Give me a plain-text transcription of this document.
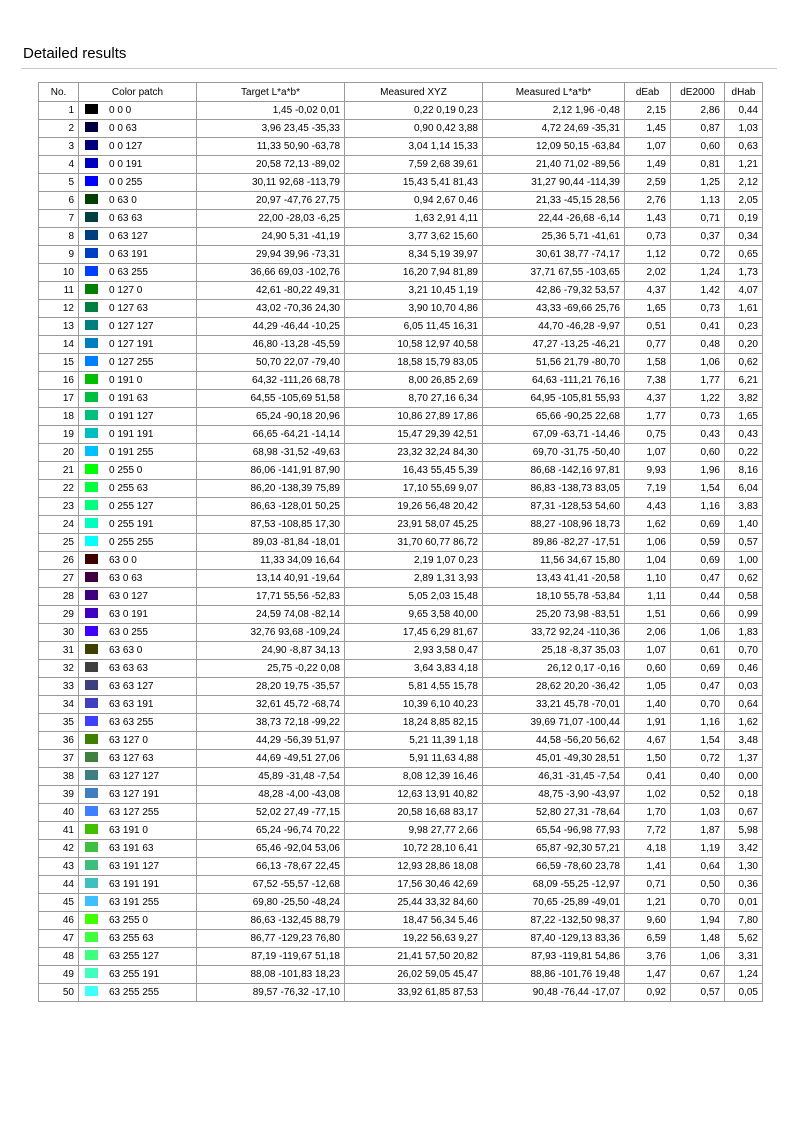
Detailed results
No.	Color patch	Target L*a*b*	Measured XYZ	Measured L*a*b*	dEab	dE2000	dHab
1	0 0 0	1,45 -0,02 0,01	0,22 0,19 0,23	2,12 1,96 -0,48	2,15	2,86	0,44
2	0 0 63	3,96 23,45 -35,33	0,90 0,42 3,88	4,72 24,69 -35,31	1,45	0,87	1,03
3	0 0 127	11,33 50,90 -63,78	3,04 1,14 15,33	12,09 50,15 -63,84	1,07	0,60	0,63
4	0 0 191	20,58 72,13 -89,02	7,59 2,68 39,61	21,40 71,02 -89,56	1,49	0,81	1,21
5	0 0 255	30,11 92,68 -113,79	15,43 5,41 81,43	31,27 90,44 -114,39	2,59	1,25	2,12
6	0 63 0	20,97 -47,76 27,75	0,94 2,67 0,46	21,33 -45,15 28,56	2,76	1,13	2,05
7	0 63 63	22,00 -28,03 -6,25	1,63 2,91 4,11	22,44 -26,68 -6,14	1,43	0,71	0,19
8	0 63 127	24,90 5,31 -41,19	3,77 3,62 15,60	25,36 5,71 -41,61	0,73	0,37	0,34
9	0 63 191	29,94 39,96 -73,31	8,34 5,19 39,97	30,61 38,77 -74,17	1,12	0,72	0,65
10	0 63 255	36,66 69,03 -102,76	16,20 7,94 81,89	37,71 67,55 -103,65	2,02	1,24	1,73
11	0 127 0	42,61 -80,22 49,31	3,21 10,45 1,19	42,86 -79,32 53,57	4,37	1,42	4,07
12	0 127 63	43,02 -70,36 24,30	3,90 10,70 4,86	43,33 -69,66 25,76	1,65	0,73	1,61
13	0 127 127	44,29 -46,44 -10,25	6,05 11,45 16,31	44,70 -46,28 -9,97	0,51	0,41	0,23
14	0 127 191	46,80 -13,28 -45,59	10,58 12,97 40,58	47,27 -13,25 -46,21	0,77	0,48	0,20
15	0 127 255	50,70 22,07 -79,40	18,58 15,79 83,05	51,56 21,79 -80,70	1,58	1,06	0,62
16	0 191 0	64,32 -111,26 68,78	8,00 26,85 2,69	64,63 -111,21 76,16	7,38	1,77	6,21
17	0 191 63	64,55 -105,69 51,58	8,70 27,16 6,34	64,95 -105,81 55,93	4,37	1,22	3,82
18	0 191 127	65,24 -90,18 20,96	10,86 27,89 17,86	65,66 -90,25 22,68	1,77	0,73	1,65
19	0 191 191	66,65 -64,21 -14,14	15,47 29,39 42,51	67,09 -63,71 -14,46	0,75	0,43	0,43
20	0 191 255	68,98 -31,52 -49,63	23,32 32,24 84,30	69,70 -31,75 -50,40	1,07	0,60	0,22
21	0 255 0	86,06 -141,91 87,90	16,43 55,45 5,39	86,68 -142,16 97,81	9,93	1,96	8,16
22	0 255 63	86,20 -138,39 75,89	17,10 55,69 9,07	86,83 -138,73 83,05	7,19	1,54	6,04
23	0 255 127	86,63 -128,01 50,25	19,26 56,48 20,42	87,31 -128,53 54,60	4,43	1,16	3,83
24	0 255 191	87,53 -108,85 17,30	23,91 58,07 45,25	88,27 -108,96 18,73	1,62	0,69	1,40
25	0 255 255	89,03 -81,84 -18,01	31,70 60,77 86,72	89,86 -82,27 -17,51	1,06	0,59	0,57
26	63 0 0	11,33 34,09 16,64	2,19 1,07 0,23	11,56 34,67 15,80	1,04	0,69	1,00
27	63 0 63	13,14 40,91 -19,64	2,89 1,31 3,93	13,43 41,41 -20,58	1,10	0,47	0,62
28	63 0 127	17,71 55,56 -52,83	5,05 2,03 15,48	18,10 55,78 -53,84	1,11	0,44	0,58
29	63 0 191	24,59 74,08 -82,14	9,65 3,58 40,00	25,20 73,98 -83,51	1,51	0,66	0,99
30	63 0 255	32,76 93,68 -109,24	17,45 6,29 81,67	33,72 92,24 -110,36	2,06	1,06	1,83
31	63 63 0	24,90 -8,87 34,13	2,93 3,58 0,47	25,18 -8,37 35,03	1,07	0,61	0,70
32	63 63 63	25,75 -0,22 0,08	3,64 3,83 4,18	26,12 0,17 -0,16	0,60	0,69	0,46
33	63 63 127	28,20 19,75 -35,57	5,81 4,55 15,78	28,62 20,20 -36,42	1,05	0,47	0,03
34	63 63 191	32,61 45,72 -68,74	10,39 6,10 40,23	33,21 45,78 -70,01	1,40	0,70	0,64
35	63 63 255	38,73 72,18 -99,22	18,24 8,85 82,15	39,69 71,07 -100,44	1,91	1,16	1,62
36	63 127 0	44,29 -56,39 51,97	5,21 11,39 1,18	44,58 -56,20 56,62	4,67	1,54	3,48
37	63 127 63	44,69 -49,51 27,06	5,91 11,63 4,88	45,01 -49,30 28,51	1,50	0,72	1,37
38	63 127 127	45,89 -31,48 -7,54	8,08 12,39 16,46	46,31 -31,45 -7,54	0,41	0,40	0,00
39	63 127 191	48,28 -4,00 -43,08	12,63 13,91 40,82	48,75 -3,90 -43,97	1,02	0,52	0,18
40	63 127 255	52,02 27,49 -77,15	20,58 16,68 83,17	52,80 27,31 -78,64	1,70	1,03	0,67
41	63 191 0	65,24 -96,74 70,22	9,98 27,77 2,66	65,54 -96,98 77,93	7,72	1,87	5,98
42	63 191 63	65,46 -92,04 53,06	10,72 28,10 6,41	65,87 -92,30 57,21	4,18	1,19	3,42
43	63 191 127	66,13 -78,67 22,45	12,93 28,86 18,08	66,59 -78,60 23,78	1,41	0,64	1,30
44	63 191 191	67,52 -55,57 -12,68	17,56 30,46 42,69	68,09 -55,25 -12,97	0,71	0,50	0,36
45	63 191 255	69,80 -25,50 -48,24	25,44 33,32 84,60	70,65 -25,89 -49,01	1,21	0,70	0,01
46	63 255 0	86,63 -132,45 88,79	18,47 56,34 5,46	87,22 -132,50 98,37	9,60	1,94	7,80
47	63 255 63	86,77 -129,23 76,80	19,22 56,63 9,27	87,40 -129,13 83,36	6,59	1,48	5,62
48	63 255 127	87,19 -119,67 51,18	21,41 57,50 20,82	87,93 -119,81 54,86	3,76	1,06	3,31
49	63 255 191	88,08 -101,83 18,23	26,02 59,05 45,47	88,86 -101,76 19,48	1,47	0,67	1,24
50	63 255 255	89,57 -76,32 -17,10	33,92 61,85 87,53	90,48 -76,44 -17,07	0,92	0,57	0,05
